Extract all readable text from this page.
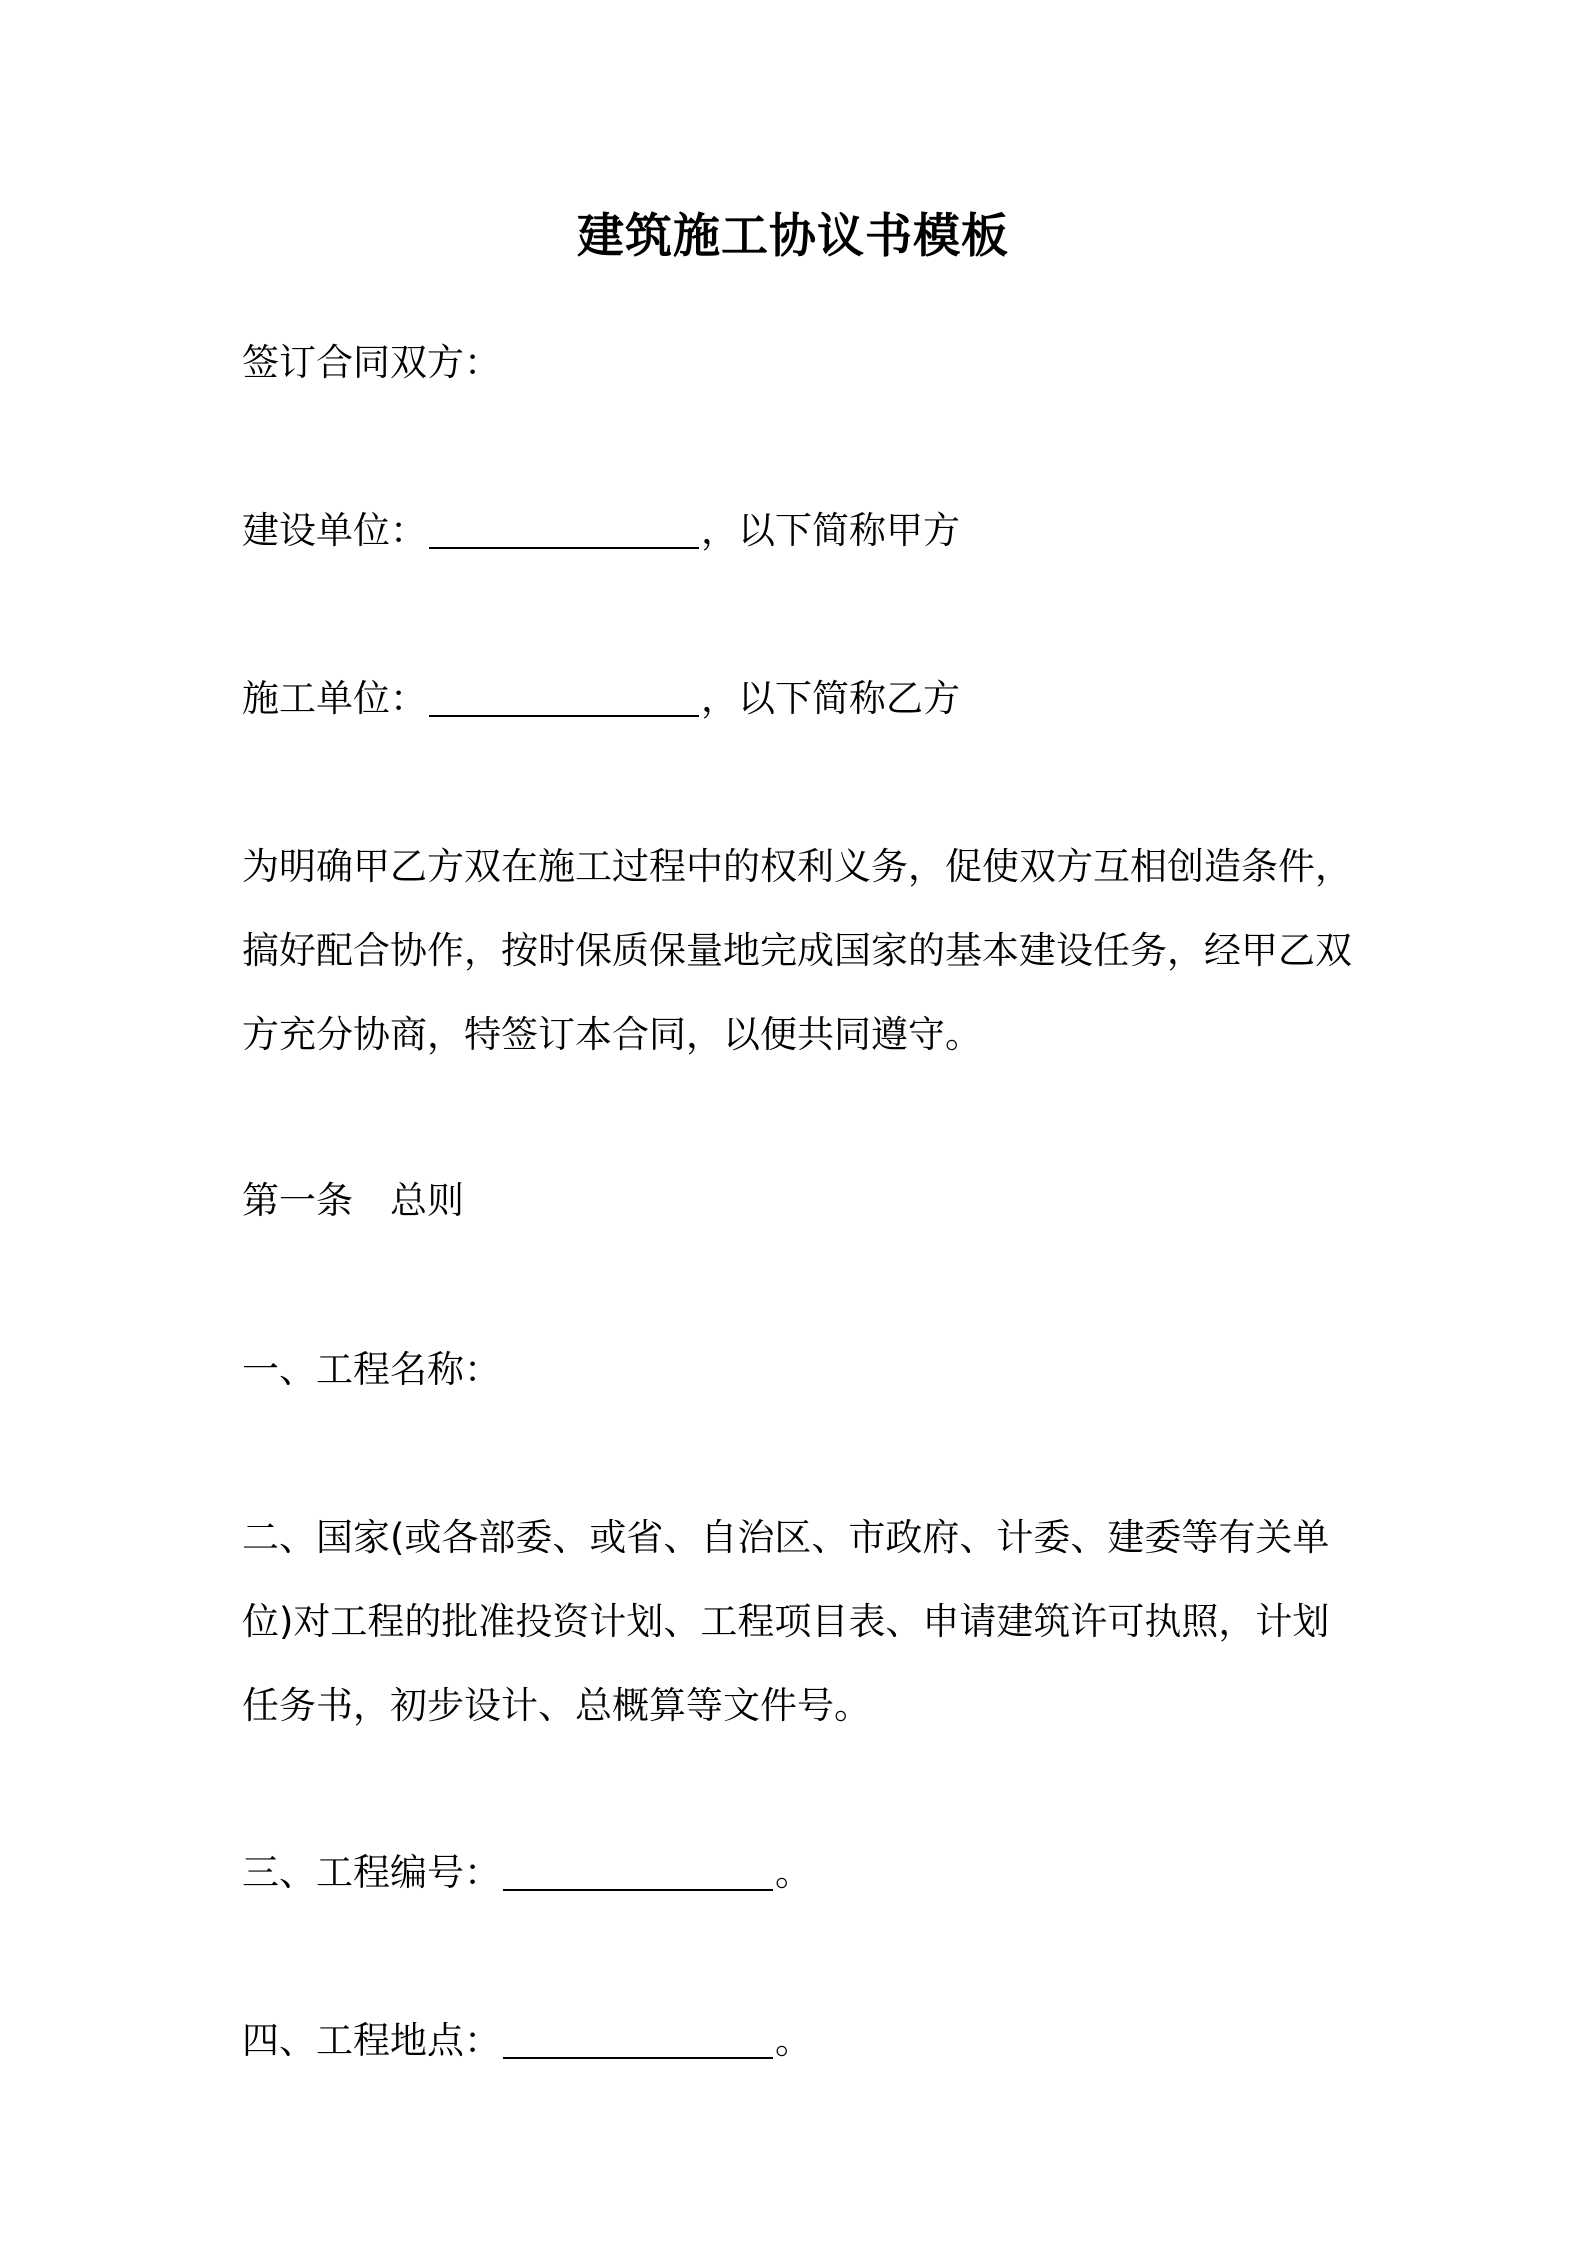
建筑施工协议书模板
签订合同双方：
建设单位：	，以下简称甲方
施工单位：	，以下简称乙方
为明确甲乙方双在施工过程中的权利义务，促使双方互相创造条件，
搞好配合协作，按时保质保量地完成国家的基本建设任务，经甲乙双
方充分协商，特签订本合同，以便共同遵守。
第一条　总则
一、工程名称：
二、国家(或各部委、或省、自治区、市政府、计委、建委等有关单
位)对工程的批准投资计划、工程项目表、申请建筑许可执照，计划
任务书，初步设计、总概算等文件号。
三、工程编号：	。
四、工程地点：	。
